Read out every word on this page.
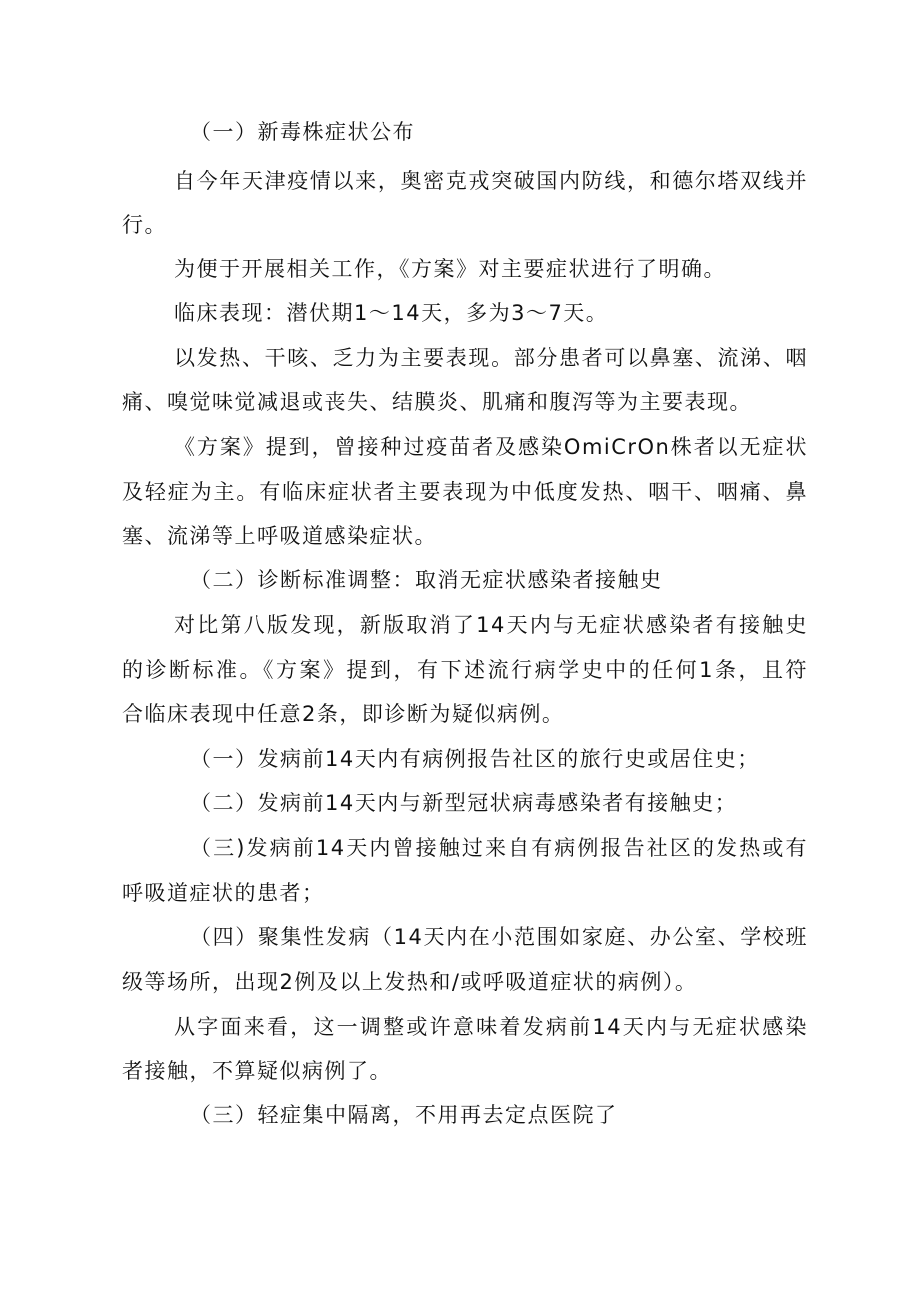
（一）新毒株症状公布
自今年天津疫情以来，奥密克戎突破国内防线，和德尔塔双线并
行。
为便于开展相关工作，《方案》对主要症状进行了明确。
临床表现：潜伏期1～14天，多为3～7天。
以发热、干咳、乏力为主要表现。部分患者可以鼻塞、流涕、咽
痛、嗅觉味觉减退或丧失、结膜炎、肌痛和腹泻等为主要表现。
《方案》提到，曾接种过疫苗者及感染OmiCrOn株者以无症状
及轻症为主。有临床症状者主要表现为中低度发热、咽干、咽痛、鼻
塞、流涕等上呼吸道感染症状。
（二）诊断标准调整：取消无症状感染者接触史
对比第八版发现，新版取消了14天内与无症状感染者有接触史
的诊断标准。《方案》提到，有下述流行病学史中的任何1条，且符
合临床表现中任意2条，即诊断为疑似病例。
（一）发病前14天内有病例报告社区的旅行史或居住史；
（二）发病前14天内与新型冠状病毒感染者有接触史；
（三)发病前14天内曾接触过来自有病例报告社区的发热或有
呼吸道症状的患者；
（四）聚集性发病（14天内在小范围如家庭、办公室、学校班
级等场所，出现2例及以上发热和/或呼吸道症状的病例）。
从字面来看，这一调整或许意味着发病前14天内与无症状感染
者接触，不算疑似病例了。
（三）轻症集中隔离，不用再去定点医院了
